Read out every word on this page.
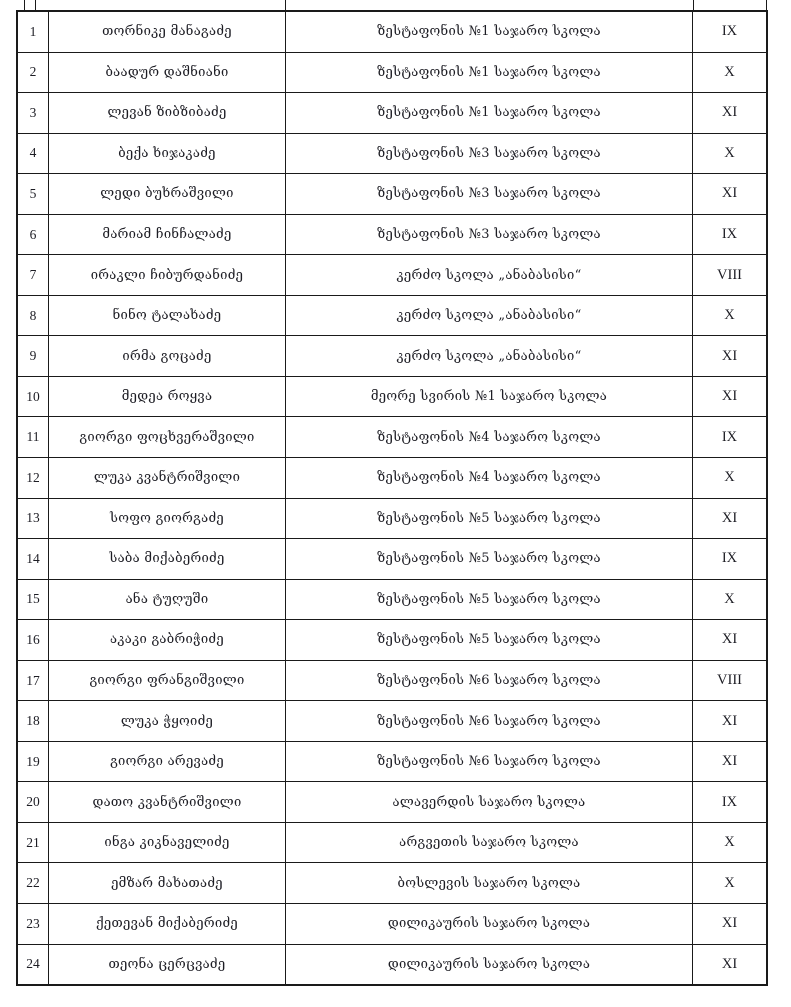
1	თორნიკე მანაგაძე	ზესტაფონის №1 საჯარო სკოლა	IX
2	ბაადურ დაშნიანი	ზესტაფონის №1 საჯარო სკოლა	X
3	ლევან ზიბზიბაძე	ზესტაფონის №1 საჯარო სკოლა	XI
4	ბექა ხიჯაკაძე	ზესტაფონის №3 საჯარო სკოლა	X
5	ლედი ბუხრაშვილი	ზესტაფონის №3 საჯარო სკოლა	XI
6	მარიამ ჩინჩალაძე	ზესტაფონის №3 საჯარო სკოლა	IX
7	ირაკლი ჩიბურდანიძე	კერძო სკოლა „ანაბასისი“	VIII
8	ნინო ტალახაძე	კერძო სკოლა „ანაბასისი“	X
9	ირმა გოცაძე	კერძო სკოლა „ანაბასისი“	XI
10	მედეა როყვა	მეორე სვირის №1 საჯარო სკოლა	XI
11	გიორგი ფოცხვერაშვილი	ზესტაფონის №4 საჯარო სკოლა	IX
12	ლუკა კვანტრიშვილი	ზესტაფონის №4 საჯარო სკოლა	X
13	სოფო გიორგაძე	ზესტაფონის №5 საჯარო სკოლა	XI
14	საბა მიქაბერიძე	ზესტაფონის №5 საჯარო სკოლა	IX
15	ანა ტუღუში	ზესტაფონის №5 საჯარო სკოლა	X
16	აკაკი გაბრიჭიძე	ზესტაფონის №5 საჯარო სკოლა	XI
17	გიორგი ფრანგიშვილი	ზესტაფონის №6 საჯარო სკოლა	VIII
18	ლუკა ჭყოიძე	ზესტაფონის №6 საჯარო სკოლა	XI
19	გიორგი არევაძე	ზესტაფონის №6 საჯარო სკოლა	XI
20	დათო კვანტრიშვილი	ალავერდის საჯარო სკოლა	IX
21	ინგა კიკნაველიძე	არგვეთის საჯარო სკოლა	X
22	ემზარ მახათაძე	ბოსლევის საჯარო სკოლა	X
23	ქეთევან მიქაბერიძე	დილიკაურის საჯარო სკოლა	XI
24	თეონა ცერცვაძე	დილიკაურის საჯარო სკოლა	XI
